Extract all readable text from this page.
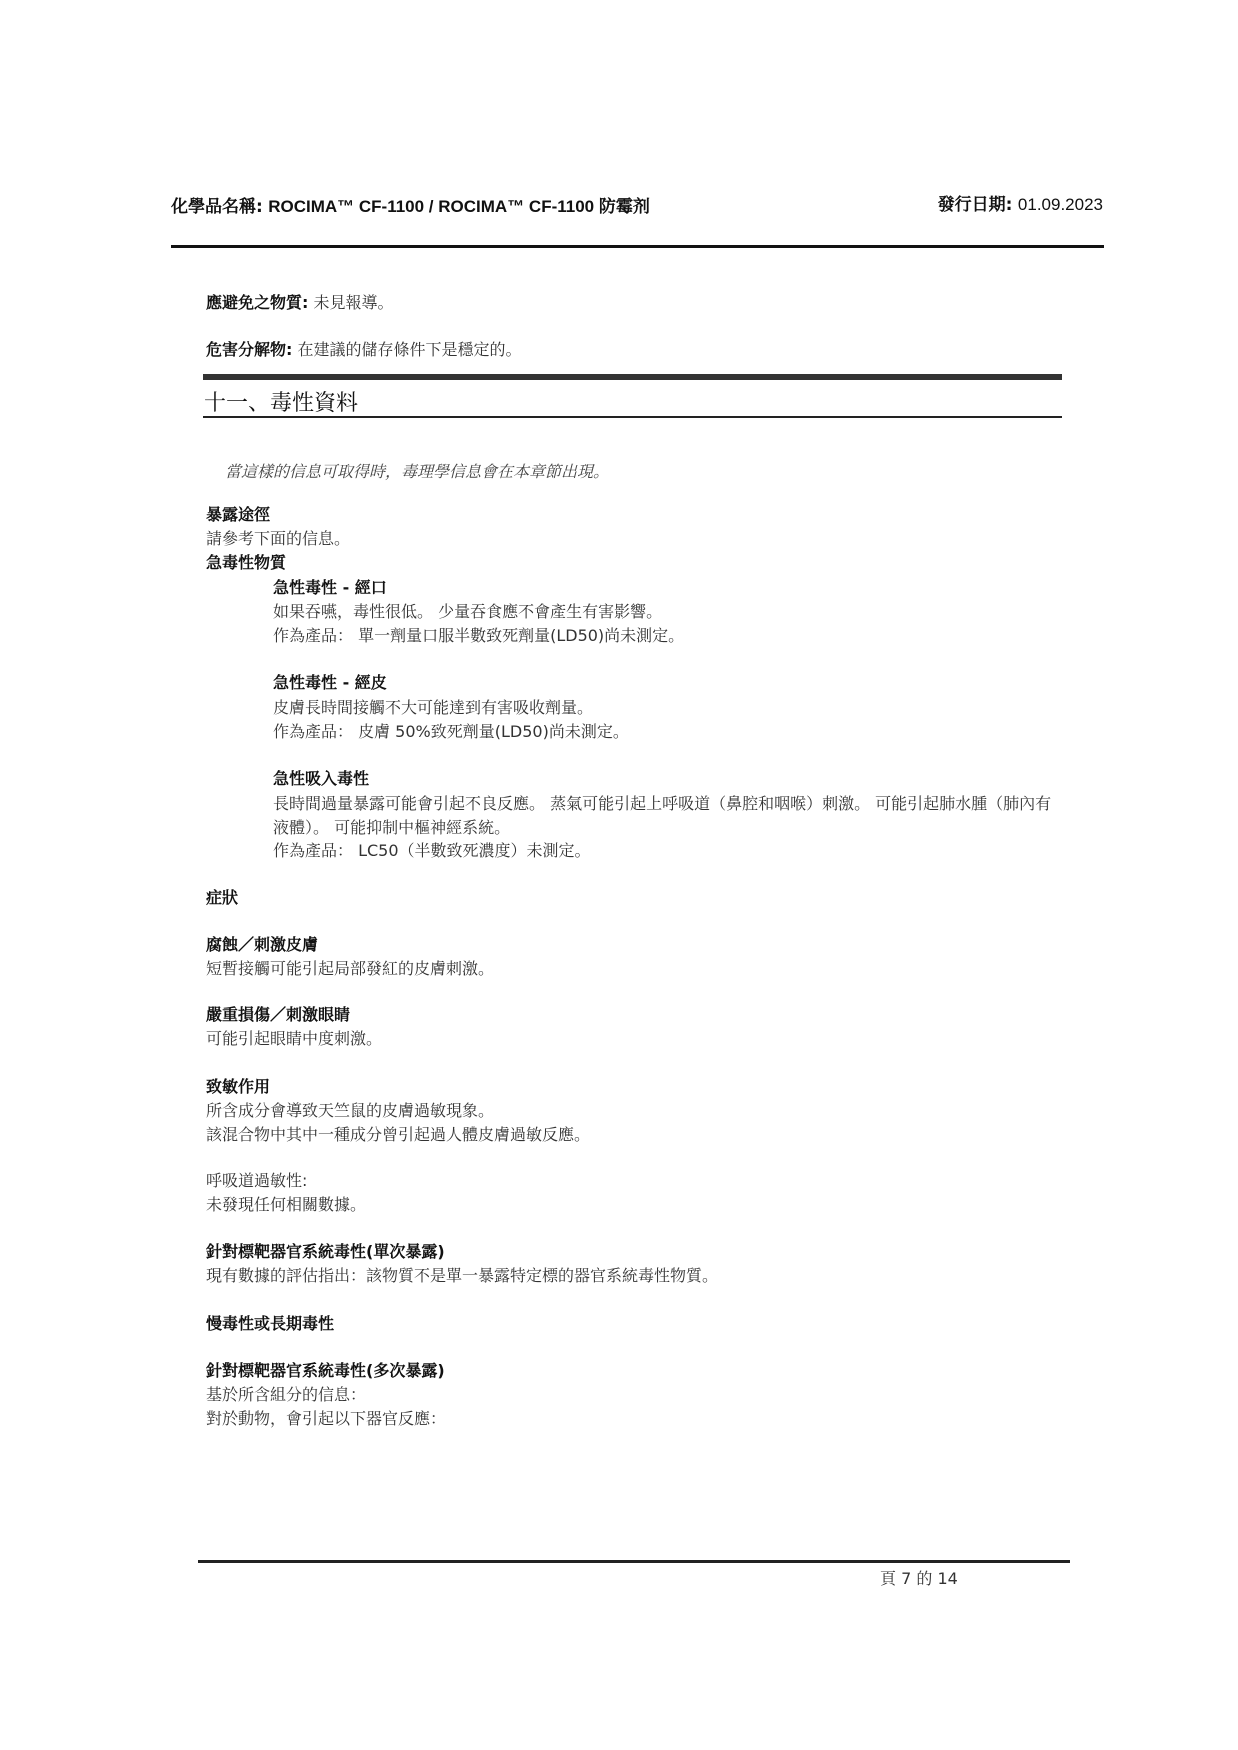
化學品名稱: ROCIMA™ CF-1100 / ROCIMA™ CF-1100 防霉剂	發行日期: 01.09.2023
應避免之物質: 未見報導。
危害分解物: 在建議的儲存條件下是穩定的。
十一、毒性資料
當這樣的信息可取得時，毒理學信息會在本章節出現。
暴露途徑
請參考下面的信息。
急毒性物質
急性毒性 - 經口
如果吞嚥，毒性很低。 少量吞食應不會產生有害影響。
作為產品： 單一劑量口服半數致死劑量(LD50)尚未測定。
急性毒性 - 經皮
皮膚長時間接觸不大可能達到有害吸收劑量。
作為產品： 皮膚 50%致死劑量(LD50)尚未測定。
急性吸入毒性
長時間過量暴露可能會引起不良反應。 蒸氣可能引起上呼吸道（鼻腔和咽喉）刺激。 可能引起肺水腫（肺內有液體）。 可能抑制中樞神經系統。
作為產品： LC50（半數致死濃度）未測定。
症狀
腐蝕／刺激皮膚
短暫接觸可能引起局部發紅的皮膚刺激。
嚴重損傷／刺激眼睛
可能引起眼睛中度刺激。
致敏作用
所含成分會導致天竺鼠的皮膚過敏現象。
該混合物中其中一種成分曾引起過人體皮膚過敏反應。
呼吸道過敏性:
未發現任何相關數據。
針對標靶器官系統毒性(單次暴露)
現有數據的評估指出：該物質不是單一暴露特定標的器官系統毒性物質。
慢毒性或長期毒性
針對標靶器官系統毒性(多次暴露)
基於所含組分的信息：
對於動物，會引起以下器官反應：
頁 7 的 14
